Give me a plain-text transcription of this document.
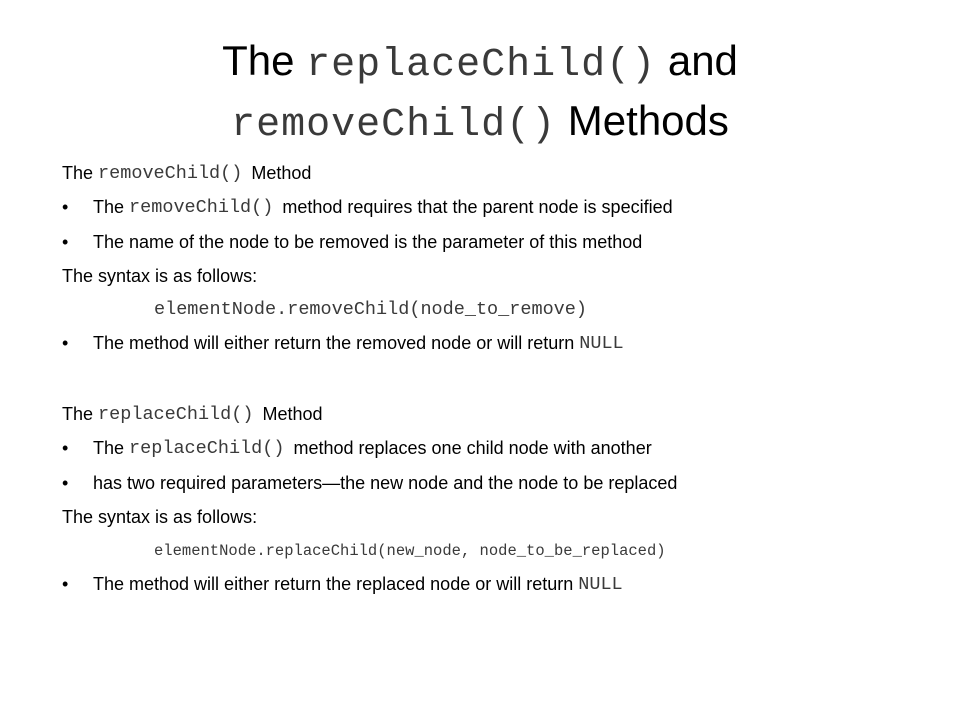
The replaceChild() and
removeChild() Methods
The removeChild() Method
• The removeChild() method requires that the parent node is specified
• The name of the node to be removed is the parameter of this method
The syntax is as follows:
elementNode.removeChild(node_to_remove)
• The method will either return the removed node or will return NULL
The replaceChild() Method
• The replaceChild() method replaces one child node with another
• has two required parameters—the new node and the node to be replaced
The syntax is as follows:
elementNode.replaceChild(new_node, node_to_be_replaced)
• The method will either return the replaced node or will return NULL
